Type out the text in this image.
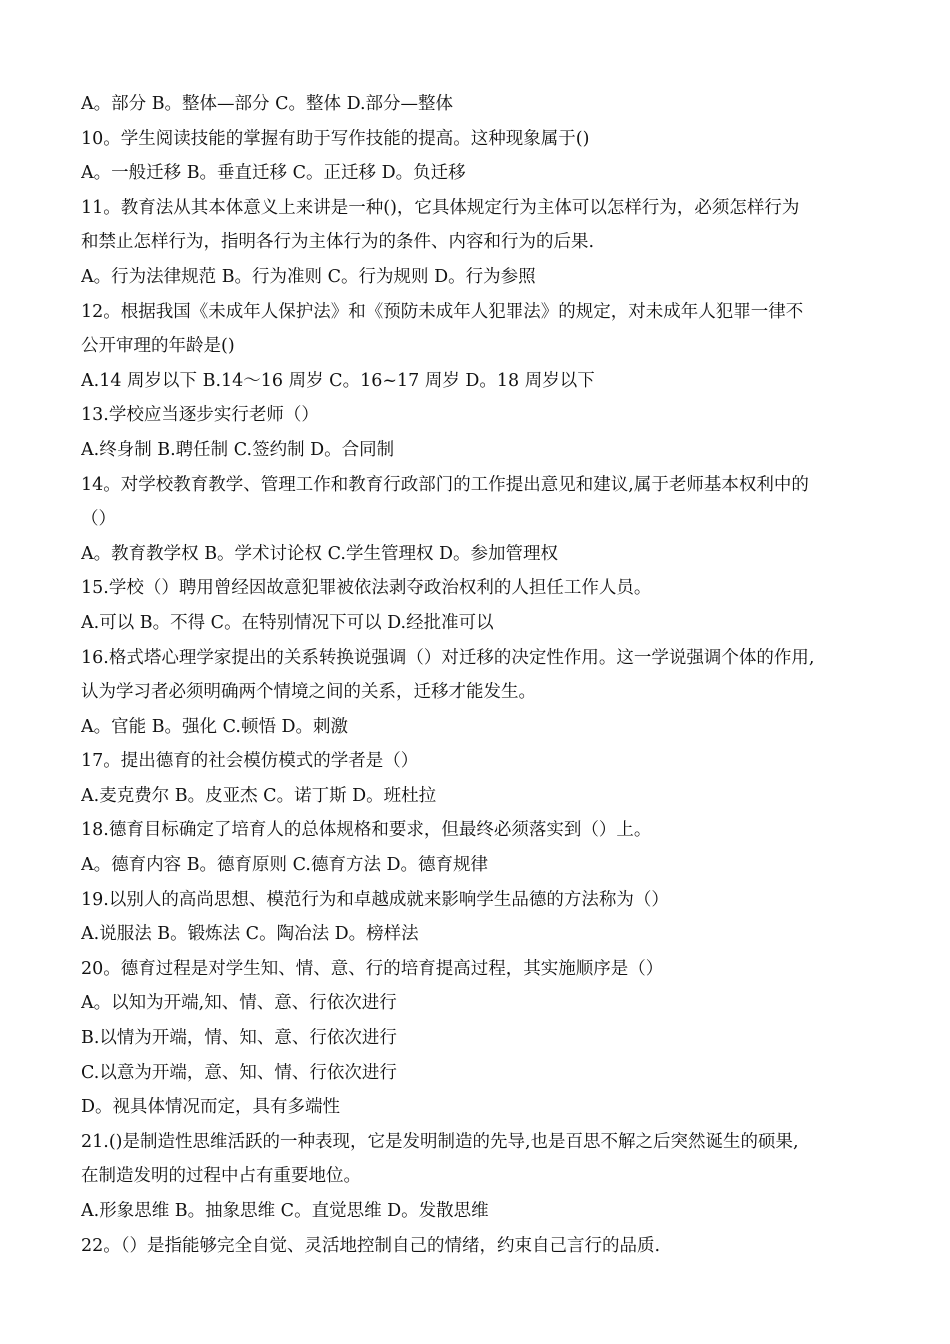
A。部分 B。整体—部分 C。整体 D.部分—整体
10。学生阅读技能的掌握有助于写作技能的提高。这种现象属于()
A。一般迁移 B。垂直迁移 C。正迁移 D。负迁移
11。教育法从其本体意义上来讲是一种()，它具体规定行为主体可以怎样行为，必须怎样行为
和禁止怎样行为，指明各行为主体行为的条件、内容和行为的后果.
A。行为法律规范 B。行为准则 C。行为规则 D。行为参照
12。根据我国《未成年人保护法》和《预防未成年人犯罪法》的规定，对未成年人犯罪一律不
公开审理的年龄是()
A.14 周岁以下 B.14～16 周岁 C。16~17 周岁 D。18 周岁以下
13.学校应当逐步实行老师（）
A.终身制 B.聘任制 C.签约制 D。合同制
14。对学校教育教学、管理工作和教育行政部门的工作提出意见和建议,属于老师基本权利中的
（）
A。教育教学权 B。学术讨论权 C.学生管理权 D。参加管理权
15.学校（）聘用曾经因故意犯罪被依法剥夺政治权利的人担任工作人员。
A.可以 B。不得 C。在特别情况下可以 D.经批准可以
16.格式塔心理学家提出的关系转换说强调（）对迁移的决定性作用。这一学说强调个体的作用,
认为学习者必须明确两个情境之间的关系，迁移才能发生。
A。官能 B。强化 C.顿悟 D。刺激
17。提出德育的社会模仿模式的学者是（）
A.麦克费尔 B。皮亚杰 C。诺丁斯 D。班杜拉
18.德育目标确定了培育人的总体规格和要求，但最终必须落实到（）上。
A。德育内容 B。德育原则 C.德育方法 D。德育规律
19.以别人的高尚思想、模范行为和卓越成就来影响学生品德的方法称为（）
A.说服法 B。锻炼法 C。陶冶法 D。榜样法
20。德育过程是对学生知、情、意、行的培育提高过程，其实施顺序是（）
A。以知为开端,知、情、意、行依次进行
B.以情为开端，情、知、意、行依次进行
C.以意为开端，意、知、情、行依次进行
D。视具体情况而定，具有多端性
21.()是制造性思维活跃的一种表现，它是发明制造的先导,也是百思不解之后突然诞生的硕果,
在制造发明的过程中占有重要地位。
A.形象思维 B。抽象思维 C。直觉思维 D。发散思维
22。（）是指能够完全自觉、灵活地控制自己的情绪，约束自己言行的品质.
